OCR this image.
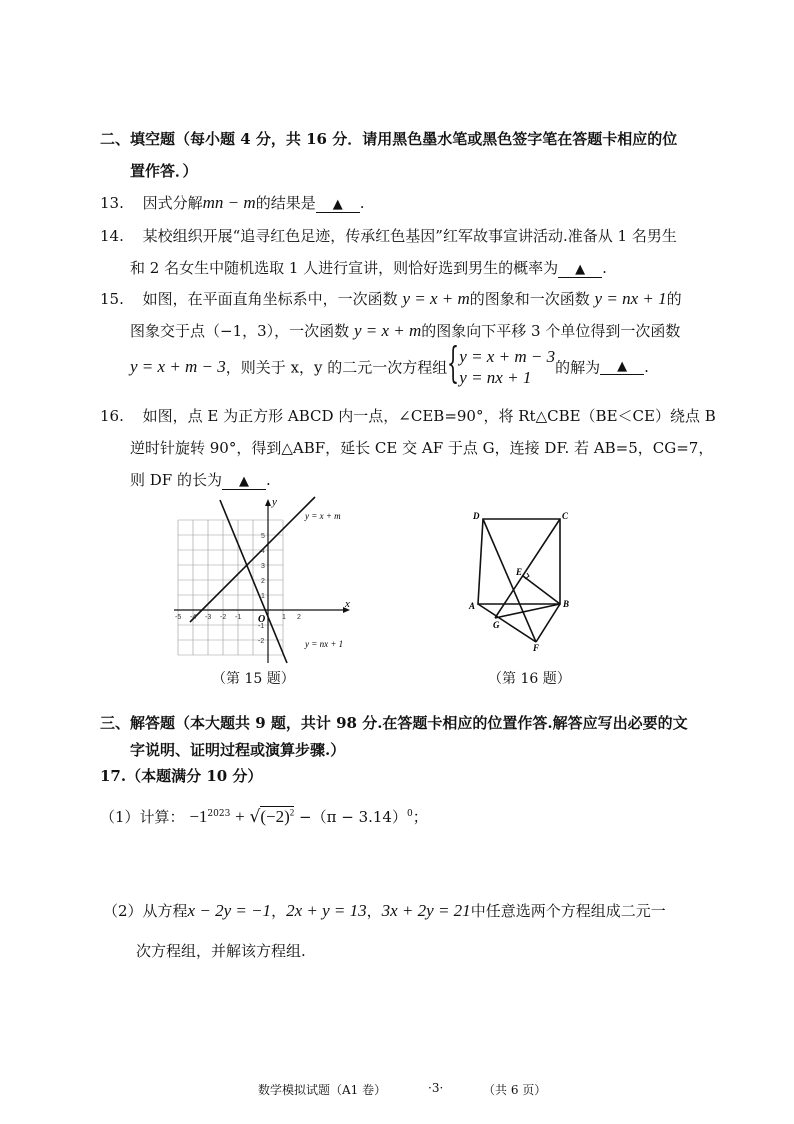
二、填空题（每小题 4 分，共 16 分．请用黑色墨水笔或黑色签字笔在答题卡相应的位
置作答．）
13. 因式分解mn − m的结果是 ▲ .
14. 某校组织开展“追寻红色足迹，传承红色基因”红军故事宣讲活动.准备从 1 名男生
和 2 名女生中随机选取 1 人进行宣讲，则恰好选到男生的概率为 ▲ .
15. 如图，在平面直角坐标系中，一次函数 y = x + m的图象和一次函数 y = nx + 1的
图象交于点（−1，3），一次函数 y = x + m的图象向下平移 3 个单位得到一次函数
y = x + m − 3，则关于 x，y 的二元一次方程组 { y = x + m − 3
y = nx + 1
的解为 ▲ .
16. 如图，点 E 为正方形 ABCD 内一点，∠CEB=90°，将 Rt△CBE（BE＜CE）绕点 B
逆时针旋转 90°，得到△ABF，延长 CE 交 AF 于点 G，连接 DF. 若 AB=5，CG=7，
则 DF 的长为 ▲ .
y = x + m
y = nx + 1
x
y
O
-5 -4 -3 -2 -1	1 2
5
4
3
2
1
-1
-2
（第 15 题）
D	C
E
A	B
G
F
（第 16 题）
三、解答题（本大题共 9 题，共计 98 分.在答题卡相应的位置作答.解答应写出必要的文
字说明、证明过程或演算步骤.）
17.（本题满分 10 分）
（1）计算： $-1^{2023} + √(-2)^2 -(\pi - 3.14)^0$；
（2）从方程x − 2y = −1，2x + y = 13，3x + 2y = 21中任意选两个方程组成二元一
次方程组，并解该方程组.
数学模拟试题（A1 卷）	·3·	（共 6 页）
